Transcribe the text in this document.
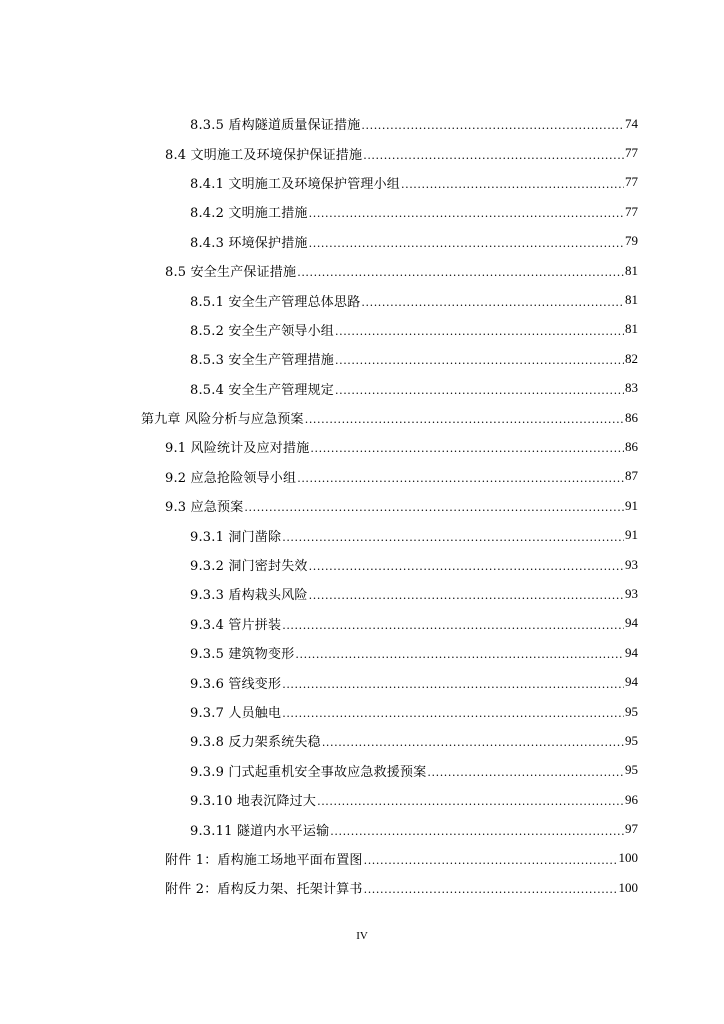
8.3.5 盾构隧道质量保证措施 .....	74
8.4 文明施工及环境保护保证措施 .....	77
8.4.1 文明施工及环境保护管理小组 .....	77
8.4.2 文明施工措施 .....	77
8.4.3 环境保护措施 .....	79
8.5 安全生产保证措施 .....	81
8.5.1 安全生产管理总体思路 .....	81
8.5.2 安全生产领导小组 .....	81
8.5.3 安全生产管理措施 .....	82
8.5.4 安全生产管理规定 .....	83
第九章 风险分析与应急预案 .....	86
9.1 风险统计及应对措施 .....	86
9.2 应急抢险领导小组 .....	87
9.3 应急预案 .....	91
9.3.1 洞门凿除 .....	91
9.3.2 洞门密封失效 .....	93
9.3.3 盾构栽头风险 .....	93
9.3.4 管片拼装 .....	94
9.3.5 建筑物变形 .....	94
9.3.6 管线变形 .....	94
9.3.7 人员触电 .....	95
9.3.8 反力架系统失稳 .....	95
9.3.9 门式起重机安全事故应急救援预案 .....	95
9.3.10 地表沉降过大 .....	96
9.3.11 隧道内水平运输 .....	97
附件 1：盾构施工场地平面布置图 .....	100
附件 2：盾构反力架、托架计算书 .....	100
IV
